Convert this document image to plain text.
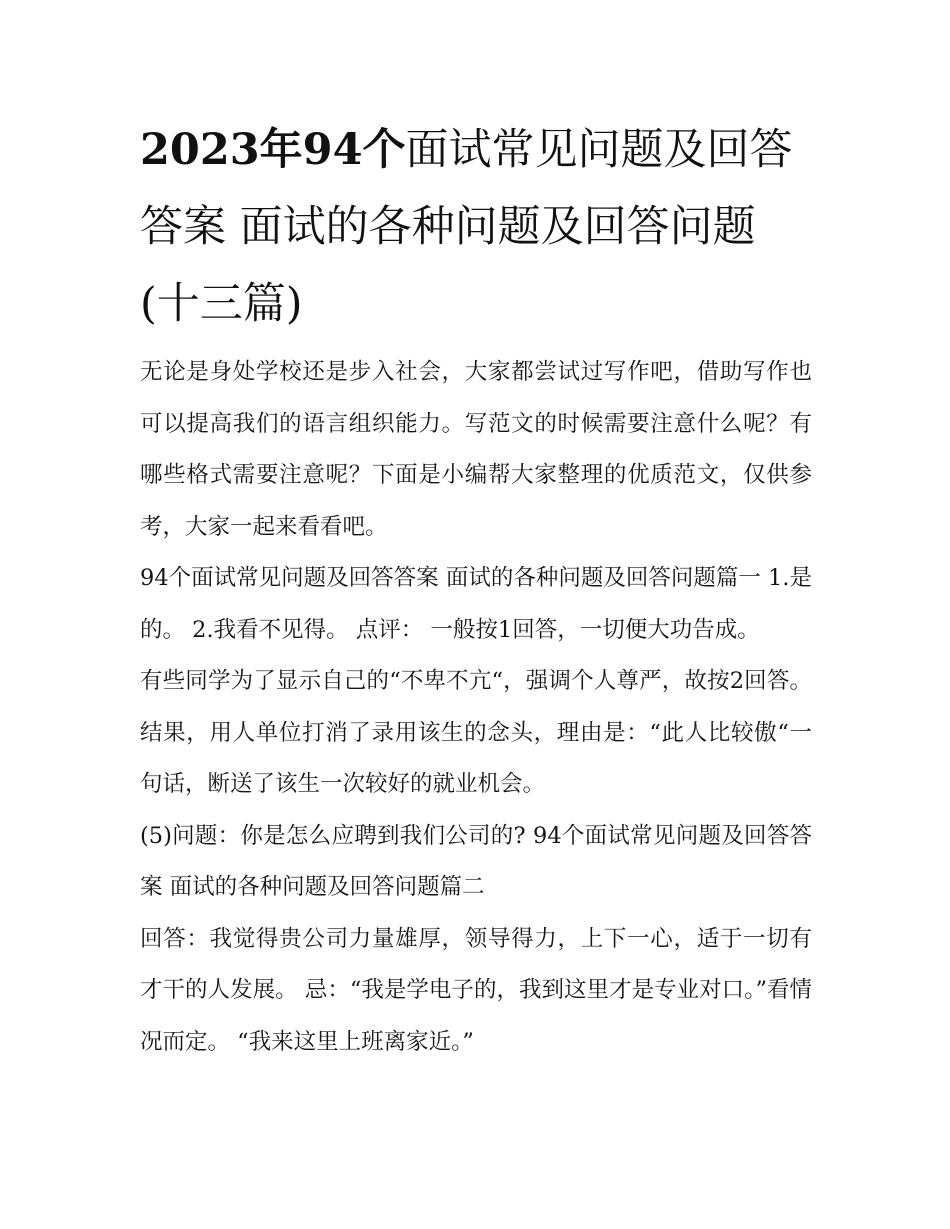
2023年94个面试常见问题及回答答案 面试的各种问题及回答问题(十三篇)

无论是身处学校还是步入社会，大家都尝试过写作吧，借助写作也可以提高我们的语言组织能力。写范文的时候需要注意什么呢？有哪些格式需要注意呢？下面是小编帮大家整理的优质范文，仅供参考，大家一起来看看吧。

94个面试常见问题及回答答案 面试的各种问题及回答问题篇一 1.是的。 2.我看不见得。 点评： 一般按1回答，一切便大功告成。

有些同学为了显示自己的“不卑不亢“，强调个人尊严，故按2回答。结果，用人单位打消了录用该生的念头，理由是：“此人比较傲“一句话，断送了该生一次较好的就业机会。

(5)问题：你是怎么应聘到我们公司的? 94个面试常见问题及回答答案 面试的各种问题及回答问题篇二

回答：我觉得贵公司力量雄厚，领导得力，上下一心，适于一切有才干的人发展。 忌：“我是学电子的，我到这里才是专业对口。”看情况而定。 “我来这里上班离家近。”
